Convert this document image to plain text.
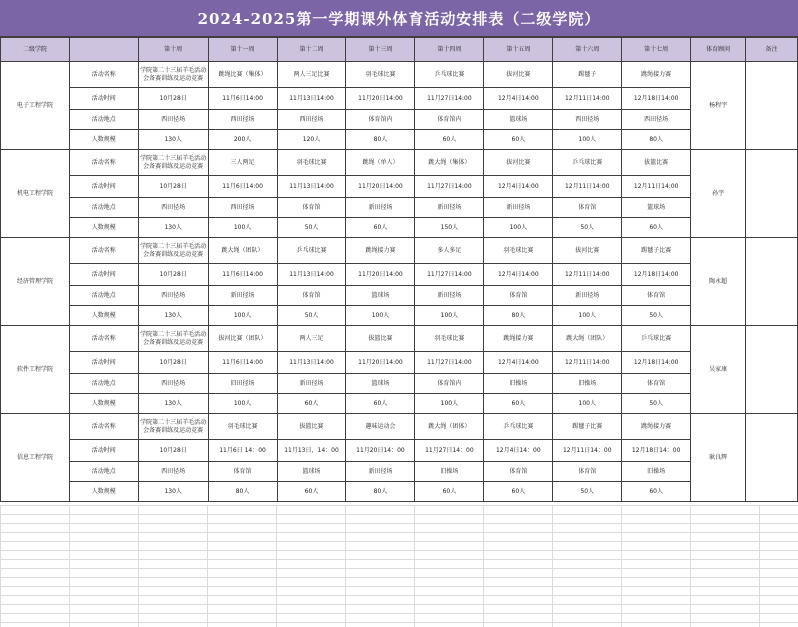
2024-2025第一学期课外体育活动安排表（二级学院）
二级学院		第十周	第十一周	第十二周	第十三周	第十四周	第十五周	第十六周	第十七周	体育顾问	备注
电子工程学院	活动名称	学院第二十三届羊毛活动会备赛训练及运动竞赛	跳绳比赛（集体）	两人三足比赛	羽毛球比赛	乒乓球比赛	拔河比赛	踢毽子	跳绳接力赛	杨程宇	
	活动时间	10月28日	11月6日14:00	11月13日14:00	11月20日14:00	11月27日14:00	12月4日14:00	12月11日14:00	12月18日14:00		
	活动地点	西田径场	西田径场	西田径场	体育馆内	体育馆内	篮球场	西田径场	西田径场		
	人数规模	130人	200人	120人	80人	60人	60人	100人	80人		
机电工程学院	活动名称	学院第二十三届羊毛活动会备赛训练及运动竞赛	三人两足	羽毛球比赛	跳绳（单人）	跳大绳（集体）	拔河比赛	乒乓球比赛	拔篮比赛	孙宇	
	活动时间	10月28日	11月6日14:00	11月13日14:00	11月20日14:00	11月27日14:00	12月4日14:00	12月11日14:00	12月11日14:00		
	活动地点	西田径场	西田径场	体育馆	新田径场	新田径场	新田径场	体育馆	篮球场		
	人数规模	130人	100人	50人	60人	150人	100人	50人	60人		
经济管理学院	活动名称	学院第二十三届羊毛活动会备赛训练及运动竞赛	跳大绳（团队）	乒乓球比赛	跳绳接力赛	多人多足	羽毛球比赛	拔河比赛	踢毽子比赛	陶永超	
	活动时间	10月28日	11月6日14:00	11月13日14:00	11月20日14:00	11月27日14:00	12月4日14:00	12月11日14:00	12月18日14:00		
	活动地点	西田径场	新田径场	体育馆	篮球场	新田径场	体育馆	新田径场	体育馆		
	人数规模	130人	100人	50人	100人	100人	80人	100人	50人		
软件工程学院	活动名称	学院第二十三届羊毛活动会备赛训练及运动竞赛	拔河比赛（团队）	两人三足	拔篮比赛	羽毛球比赛	跳绳接力赛	跳大绳（团队）	乒乓球比赛	吴家康	
	活动时间	10月28日	11月6日14:00	11月13日14:00	11月20日14:00	11月27日14:00	12月4日14:00	12月11日14:00	12月18日14:00		
	活动地点	西田径场	旧田径场	新田径场	篮球场	体育馆内	旧操场	旧操场	体育馆		
	人数规模	130人	100人	60人	60人	100人	60人	100人	50人		
信息工程学院	活动名称	学院第二十三届羊毛活动会备赛训练及运动竞赛	羽毛球比赛	拔篮比赛	趣味运动会	跳大绳（团体）	乒乓球比赛	踢毽子比赛	跳绳接力赛	耿良辉	
	活动时间	10月28日	11月6日 14：00	11月13日，14：00	11月20日14：00	11月27日14：00	12月4日14：00	12月11日14：00	12月18日14：00		
	活动地点	西田径场	体育馆	篮球场	新田径场	旧操场	体育馆	体育馆	旧操场		
	人数规模	130人	80人	60人	80人	60人	60人	50人	60人		
